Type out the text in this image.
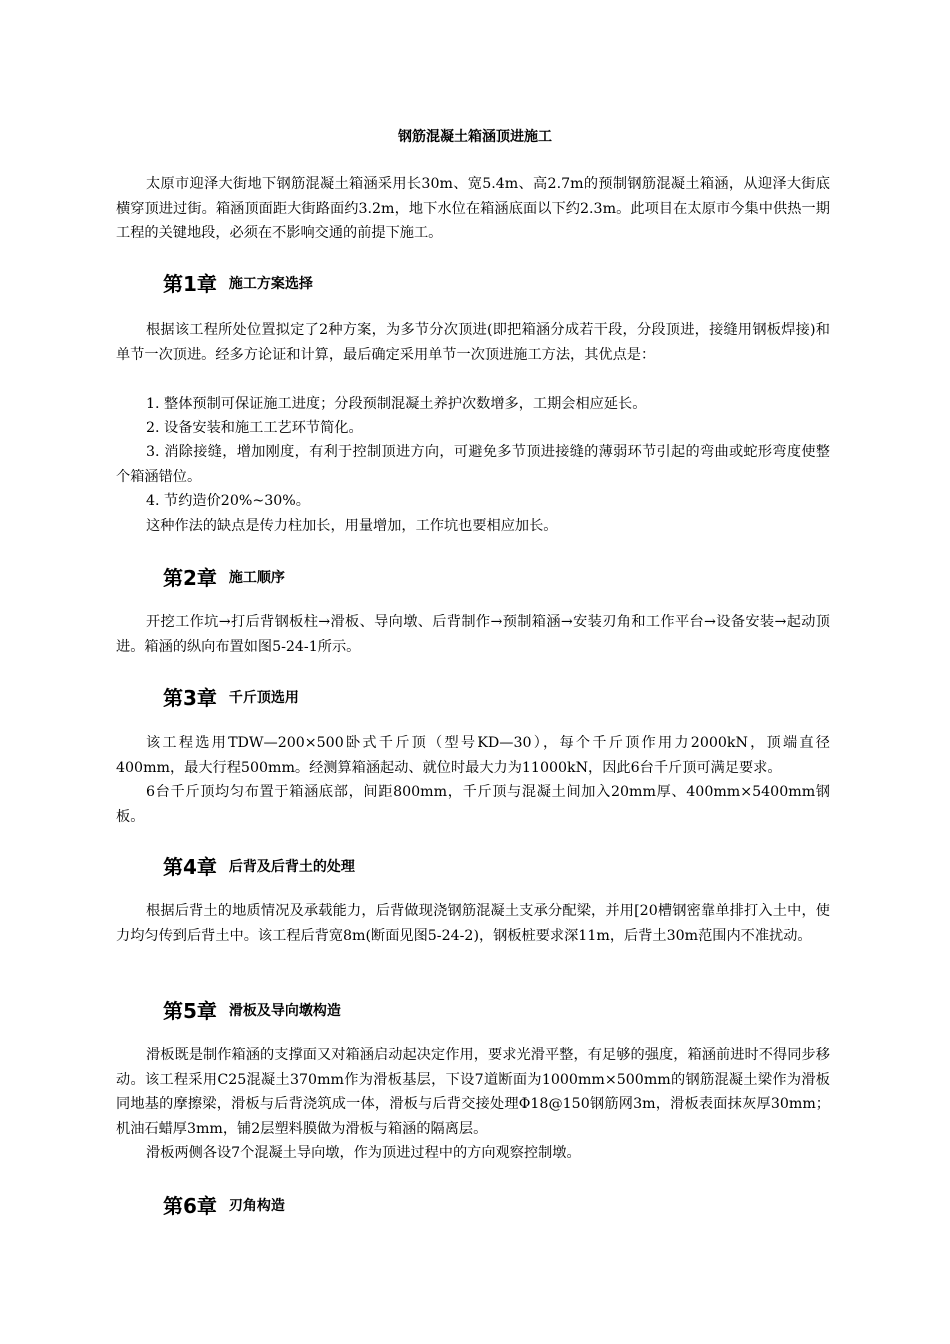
钢筋混凝土箱涵顶进施工

太原市迎泽大街地下钢筋混凝土箱涵采用长30m、宽5.4m、高2.7m的预制钢筋混凝土箱涵，从迎泽大街底横穿顶进过街。箱涵顶面距大街路面约3.2m，地下水位在箱涵底面以下约2.3m。此项目在太原市今集中供热一期工程的关键地段，必须在不影响交通的前提下施工。

第1章 施工方案选择

根据该工程所处位置拟定了2种方案，为多节分次顶进(即把箱涵分成若干段，分段顶进，接缝用钢板焊接)和单节一次顶进。经多方论证和计算，最后确定采用单节一次顶进施工方法，其优点是：

1. 整体预制可保证施工进度；分段预制混凝土养护次数增多，工期会相应延长。

2. 设备安装和施工工艺环节简化。

3. 消除接缝，增加刚度，有利于控制顶进方向，可避免多节顶进接缝的薄弱环节引起的弯曲或蛇形弯度使整个箱涵错位。

4. 节约造价20%~30%。

这种作法的缺点是传力柱加长，用量增加，工作坑也要相应加长。

第2章 施工顺序

开挖工作坑→打后背钢板柱→滑板、导向墩、后背制作→预制箱涵→安装刃角和工作平台→设备安装→起动顶进。箱涵的纵向布置如图5-24-1所示。

第3章 千斤顶选用

该工程选用TDW—200×500卧式千斤顶（型号KD—30），每个千斤顶作用力2000kN，顶端直径400mm，最大行程500mm。经测算箱涵起动、就位时最大力为11000kN，因此6台千斤顶可满足要求。

6台千斤顶均匀布置于箱涵底部，间距800mm，千斤顶与混凝土间加入20mm厚、400mm×5400mm钢板。

第4章 后背及后背土的处理

根据后背土的地质情况及承载能力，后背做现浇钢筋混凝土支承分配梁，并用[20槽钢密靠单排打入土中，使力均匀传到后背土中。该工程后背宽8m(断面见图5-24-2)，钢板桩要求深11m，后背土30m范围内不准扰动。

第5章 滑板及导向墩构造

滑板既是制作箱涵的支撑面又对箱涵启动起决定作用，要求光滑平整，有足够的强度，箱涵前进时不得同步移动。该工程采用C25混凝土370mm作为滑板基层，下设7道断面为1000mm×500mm的钢筋混凝土梁作为滑板同地基的摩擦梁，滑板与后背浇筑成一体，滑板与后背交接处理Φ18@150钢筋网3m，滑板表面抹灰厚30mm；机油石蜡厚3mm，铺2层塑料膜做为滑板与箱涵的隔离层。

滑板两侧各设7个混凝土导向墩，作为顶进过程中的方向观察控制墩。

第6章 刃角构造
